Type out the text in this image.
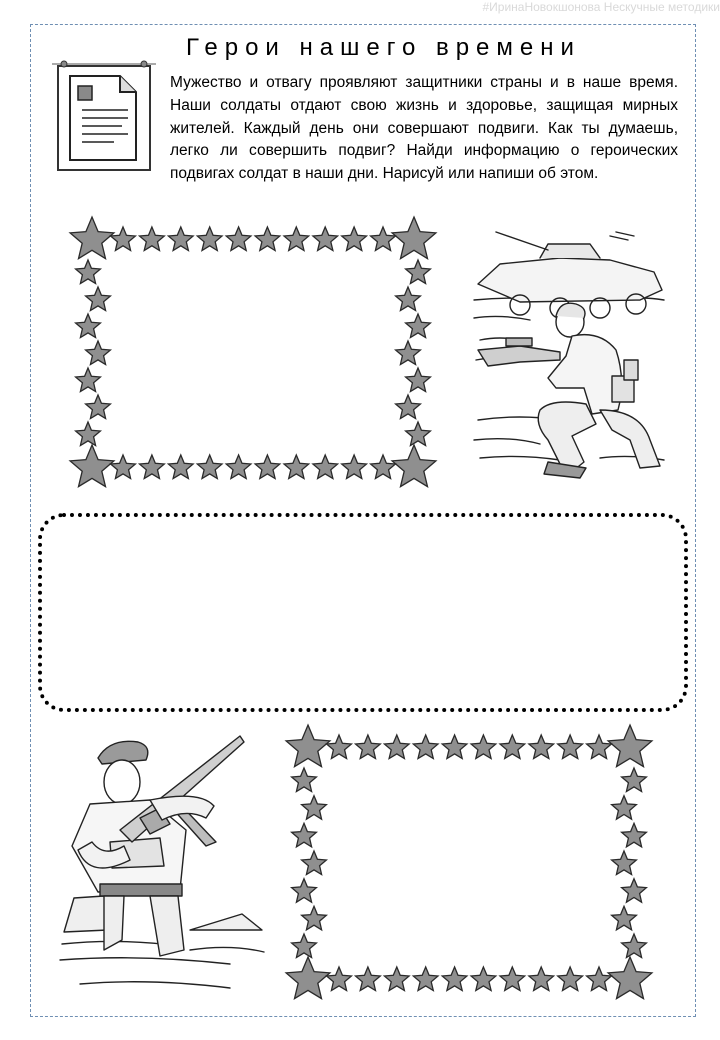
#ИринаНовокшонова Нескучные методики
Герои нашего времени
Мужество и отвагу проявляют защитники страны и в наше время. Наши солдаты отдают свою жизнь и здоровье, защищая мирных жителей. Каждый день они совершают подвиги. Как ты думаешь, легко ли совершить подвиг? Найди информацию о героических подвигах солдат в наши дни. Нарисуй или напиши об этом.
